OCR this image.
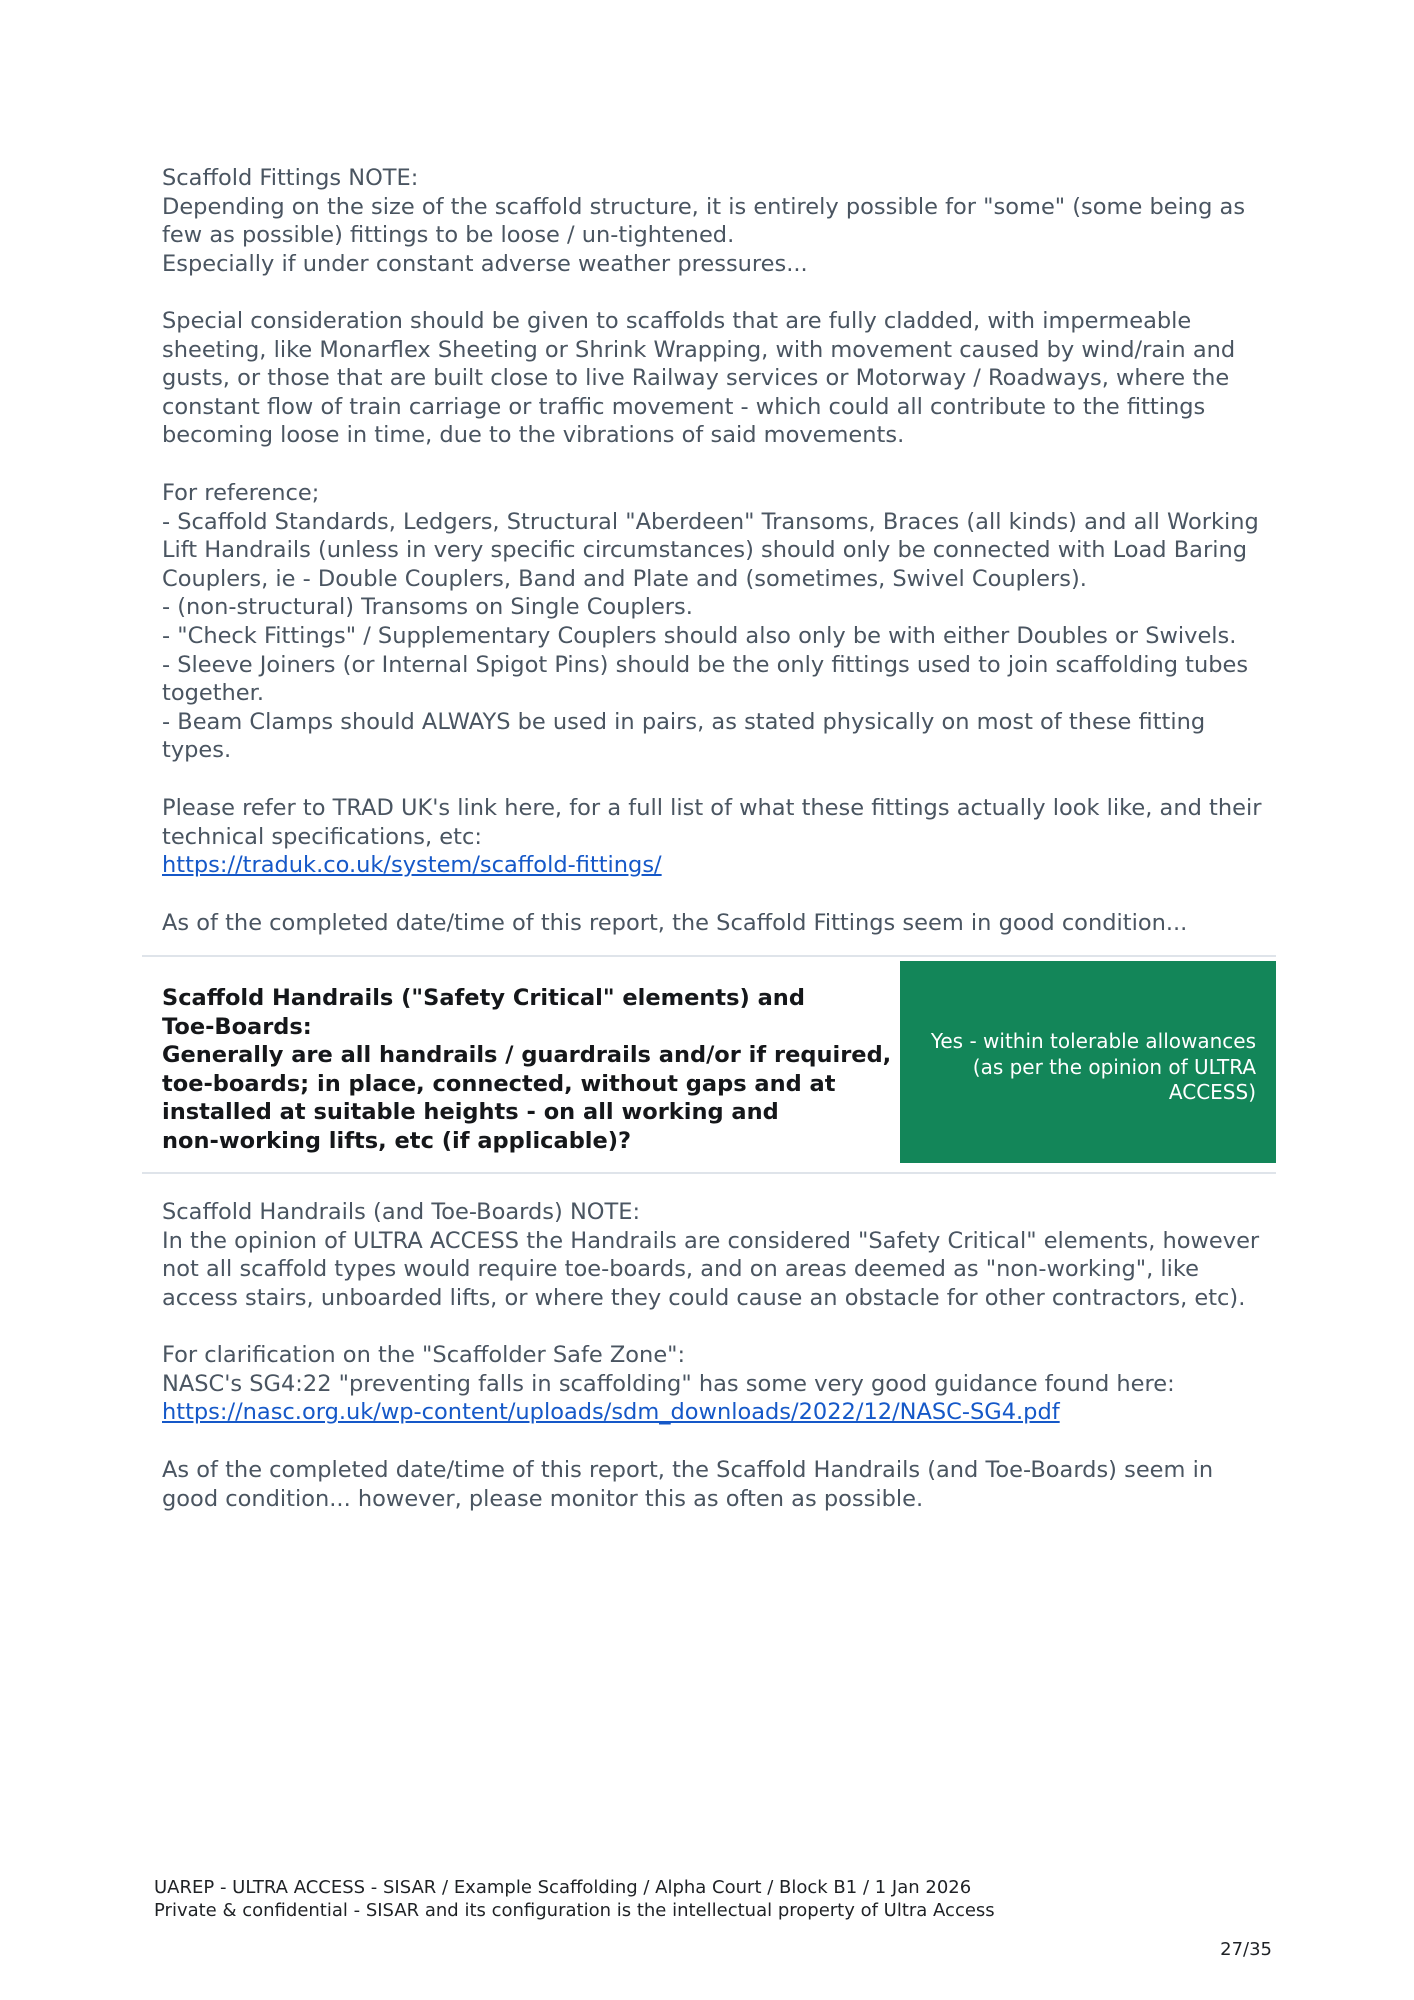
Scaffold Fittings NOTE:
Depending on the size of the scaffold structure, it is entirely possible for "some" (some being as
few as possible) fittings to be loose / un-tightened.
Especially if under constant adverse weather pressures...
Special consideration should be given to scaffolds that are fully cladded, with impermeable
sheeting, like Monarflex Sheeting or Shrink Wrapping, with movement caused by wind/rain and
gusts, or those that are built close to live Railway services or Motorway / Roadways, where the
constant flow of train carriage or traffic movement - which could all contribute to the fittings
becoming loose in time, due to the vibrations of said movements.
For reference;
- Scaffold Standards, Ledgers, Structural "Aberdeen" Transoms, Braces (all kinds) and all Working
Lift Handrails (unless in very specific circumstances) should only be connected with Load Baring
Couplers, ie - Double Couplers, Band and Plate and (sometimes, Swivel Couplers).
- (non-structural) Transoms on Single Couplers.
- "Check Fittings" / Supplementary Couplers should also only be with either Doubles or Swivels.
- Sleeve Joiners (or Internal Spigot Pins) should be the only fittings used to join scaffolding tubes
together.
- Beam Clamps should ALWAYS be used in pairs, as stated physically on most of these fitting
types.
Please refer to TRAD UK's link here, for a full list of what these fittings actually look like, and their
technical specifications, etc:
https://traduk.co.uk/system/scaffold-fittings/
As of the completed date/time of this report, the Scaffold Fittings seem in good condition...
Scaffold Handrails ("Safety Critical" elements) and
Toe-Boards:
Generally are all handrails / guardrails and/or if required,
toe-boards; in place, connected, without gaps and at
installed at suitable heights - on all working and
non-working lifts, etc (if applicable)?
Yes - within tolerable allowances
(as per the opinion of ULTRA
ACCESS)
Scaffold Handrails (and Toe-Boards) NOTE:
In the opinion of ULTRA ACCESS the Handrails are considered "Safety Critical" elements, however
not all scaffold types would require toe-boards, and on areas deemed as "non-working", like
access stairs, unboarded lifts, or where they could cause an obstacle for other contractors, etc).
For clarification on the "Scaffolder Safe Zone":
NASC's SG4:22 "preventing falls in scaffolding" has some very good guidance found here:
https://nasc.org.uk/wp-content/uploads/sdm_downloads/2022/12/NASC-SG4.pdf
As of the completed date/time of this report, the Scaffold Handrails (and Toe-Boards) seem in
good condition... however, please monitor this as often as possible.
UAREP - ULTRA ACCESS - SISAR / Example Scaffolding / Alpha Court / Block B1 / 1 Jan 2026
Private & confidential - SISAR and its configuration is the intellectual property of Ultra Access
27/35
